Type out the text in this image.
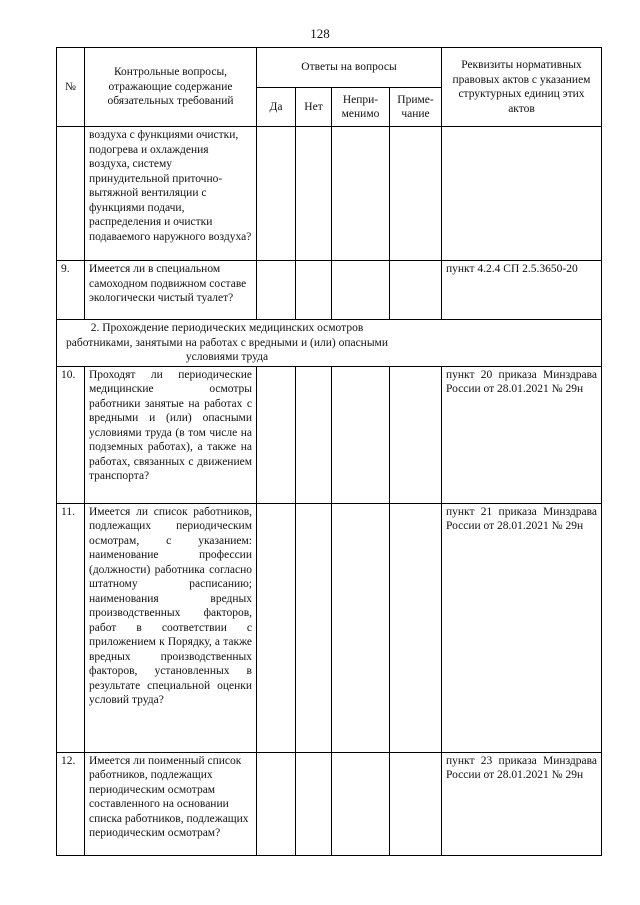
128
№	Контрольные вопросы, отражающие содержание обязательных требований	Ответы на вопросы				Реквизиты нормативных правовых актов с указанием структурных единиц этих актов
		Да	Нет	Непри-менимо	Приме-чание	
	воздуха с функциями очистки, подогрева и охлаждения воздуха, систему принудительной приточно-вытяжной вентиляции с функциями подачи, распределения и очистки подаваемого наружного воздуха?					
9.	Имеется ли в специальном самоходном подвижном составе экологически чистый туалет?					пункт 4.2.4 СП 2.5.3650-20
2. Прохождение периодических медицинских осмотров работниками, занятыми на работах с вредными и (или) опасными условиями труда						
10.	Проходят ли периодические медицинские осмотры работники занятые на работах с вредными и (или) опасными условиями труда (в том числе на подземных работах), а также на работах, связанных с движением транспорта?					пункт 20 приказа Минздрава России от 28.01.2021 № 29н
11.	Имеется ли список работников, подлежащих периодическим осмотрам, с указанием: наименование профессии (должности) работника согласно штатному расписанию; наименования вредных производственных факторов, работ в соответствии с приложением к Порядку, а также вредных производственных факторов, установленных в результате специальной оценки условий труда?					пункт 21 приказа Минздрава России от 28.01.2021 № 29н
12.	Имеется ли поименный список работников, подлежащих периодическим осмотрам составленного на основании списка работников, подлежащих периодическим осмотрам?					пункт 23 приказа Минздрава России от 28.01.2021 № 29н
